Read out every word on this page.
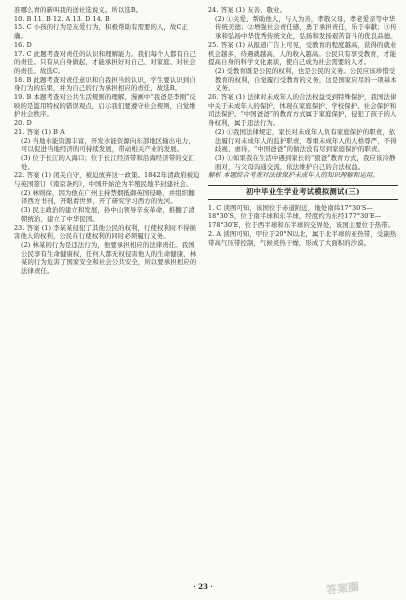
准哪么青的新叫我的送社选说义。所以选B。

10. B 11. B 12. A 13. D 14. B

15. C 小孩的行为是友爱行为，积极帮助有需要的人，故C正确。

16. D

17. C 此题考查对责任的认识和理解能力。我们每个人都有自己的责任。只有从自身做起，才能承担好对自己、对家庭、对社会的责任。故选C。

18. B 此题考查对责任意识和自我担当的认识，学生要认识到自身行为的后果，并为自己的行为承担相应的责任，故选B。

19. B 本题考查对公共生活规则的理解，漫画中“我爸是李刚”反映的是滥用特权的错误观点，启示我们要遵守社会规则，自觉维护社会秩序。

20. D

21. 答案 (1) B A

(2) 当地水能资源丰富，开发水能资源向东部地区输出电力，可以促进当地经济的可持续发展，带动相关产业的发展。

(3) 位于长江的入海口；位于长江经济带和沿海经济带的交汇处。

22. 答案 (1) 闭关自守，被迫放弃这一政策。1842年清政府被迫与英国签订《南京条约》，中国开始沦为半殖民地半封建社会。

(2) 林则徐，因为他在广州主持禁烟抵御英国侵略，并组织翻译西方书刊，开眼看世界，开了研究学习西方的先河。

(3) 民主政治的建立和发展，孙中山领导辛亥革命，推翻了清朝统治，建立了中华民国。

23. 答案 (1) 李某某侵犯了其他公民的权利，行使权利时不得损害他人的权利，公民在行使权利的同时必须履行义务。

(2) 林某的行为是违法行为，他要承担相应的法律责任。我国公民享有生命健康权，任何人都无权侵害他人的生命健康，林某的行为危害了国家安全和社会公共安全，所以要承担相应的法律责任。

24. 答案 (1) 友善、敬业。

(2) ①关爱、帮助他人，与人为善，孝敬父母，孝老爱亲等中华传统美德；②增强社会责任感，勇于承担责任，乐于奉献；③传承和弘扬中华优秀传统文化，弘扬和发扬艰苦奋斗的优良品德。

25. 答案 (1) 从报道广告上可见，受教育的程度越高，获得的就业机会越多，待遇就越高，人的收入越高。公民只有享受教育，才能提高自身的科学文化素质，使自己成为社会需要的人才。

(2) 受教育既是公民的权利，也是公民的义务。公民应该珍惜受教育的权利，自觉履行受教育的义务，这是国家应尽的一项基本义务。

26. 答案 (1) 法律对未成年人的合法权益受到特殊保护，我国法律中关于未成年人的保护，体现在家庭保护、学校保护、社会保护和司法保护。“中国爸爸”的教育方式属于家庭保护，侵犯了孩子的人身权利，属于违法行为。

(2) ①我国法律规定，家长对未成年人负有家庭保护的职责，依法履行对未成年人的监护职责，尊重未成年人的人格尊严，不得歧视、虐待。“中国爸爸”的做法没有尽到家庭保护的职责。

(3) ①如果我在生活中遇到家长的“狼爸”教育方式，我应该冷静面对，与父母沟通交流，依法维护自己的合法权益。

解析 本题综合考查对法律保护未成年人的知识理解和运用。

初中毕业生学业考试模拟测试(三)

1. C 读图可知，该国位于赤道附近，地处南纬17°30′S—18°30′S，位于南半球和东半球，经度约为东经177°30′E—178°30′E，位于西半球和东半球的交界处，该国主要位于热带。

2. A 读图可知，甲位于20°N以北，属于北半球的亚热带，受副热带高气压带控制，气候炎热干燥，形成了大面积的沙漠。

· 23 ·	答案圈
